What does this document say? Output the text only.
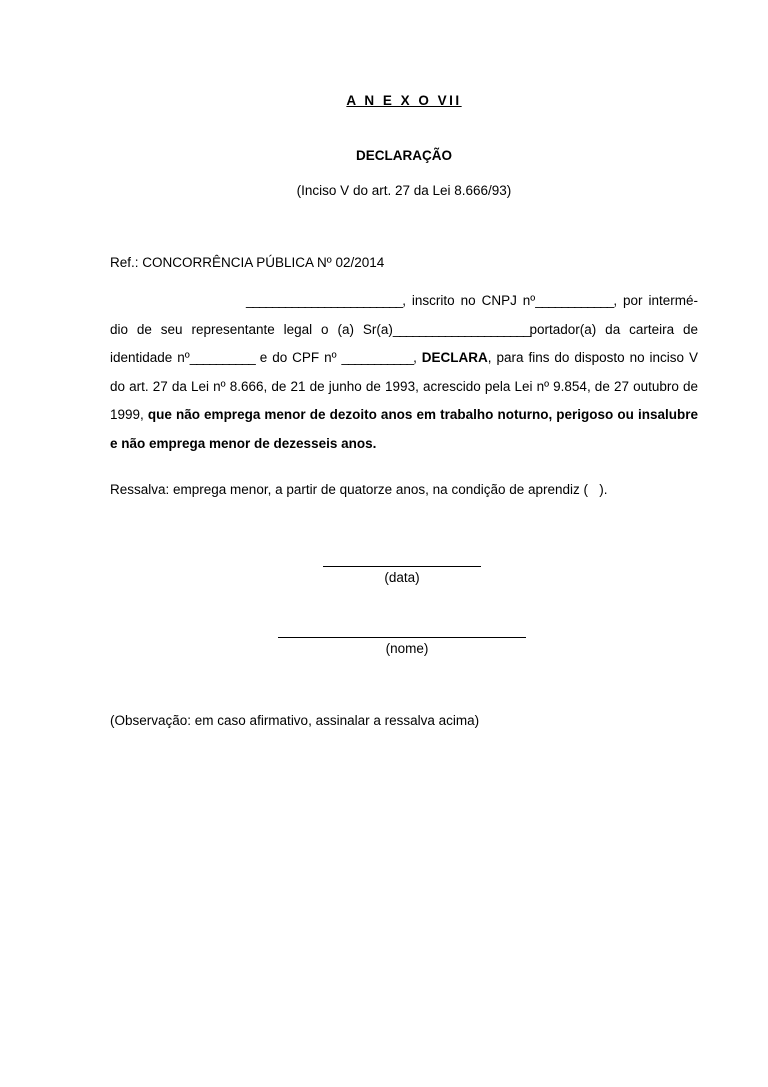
A N E X O VII
DECLARAÇÃO
(Inciso V do art. 27 da Lei 8.666/93)
Ref.: CONCORRÊNCIA PÚBLICA Nº 02/2014

________________________, inscrito no CNPJ nº____________, por intermé-dio de seu representante legal o (a) Sr(a)_____________________portador(a) da carteira de identidade nº__________ e do CPF nº ___________, DECLARA, para fins do disposto no inciso V do art. 27 da Lei nº 8.666, de 21 de junho de 1993, acrescido pela Lei nº 9.854, de 27 outubro de 1999, que não emprega menor de dezoito anos em trabalho noturno, perigoso ou insalubre e não emprega menor de dezesseis anos.

Ressalva: emprega menor, a partir de quatorze anos, na condição de aprendiz (   ).
(data)
(nome)
(Observação: em caso afirmativo, assinalar a ressalva acima)
